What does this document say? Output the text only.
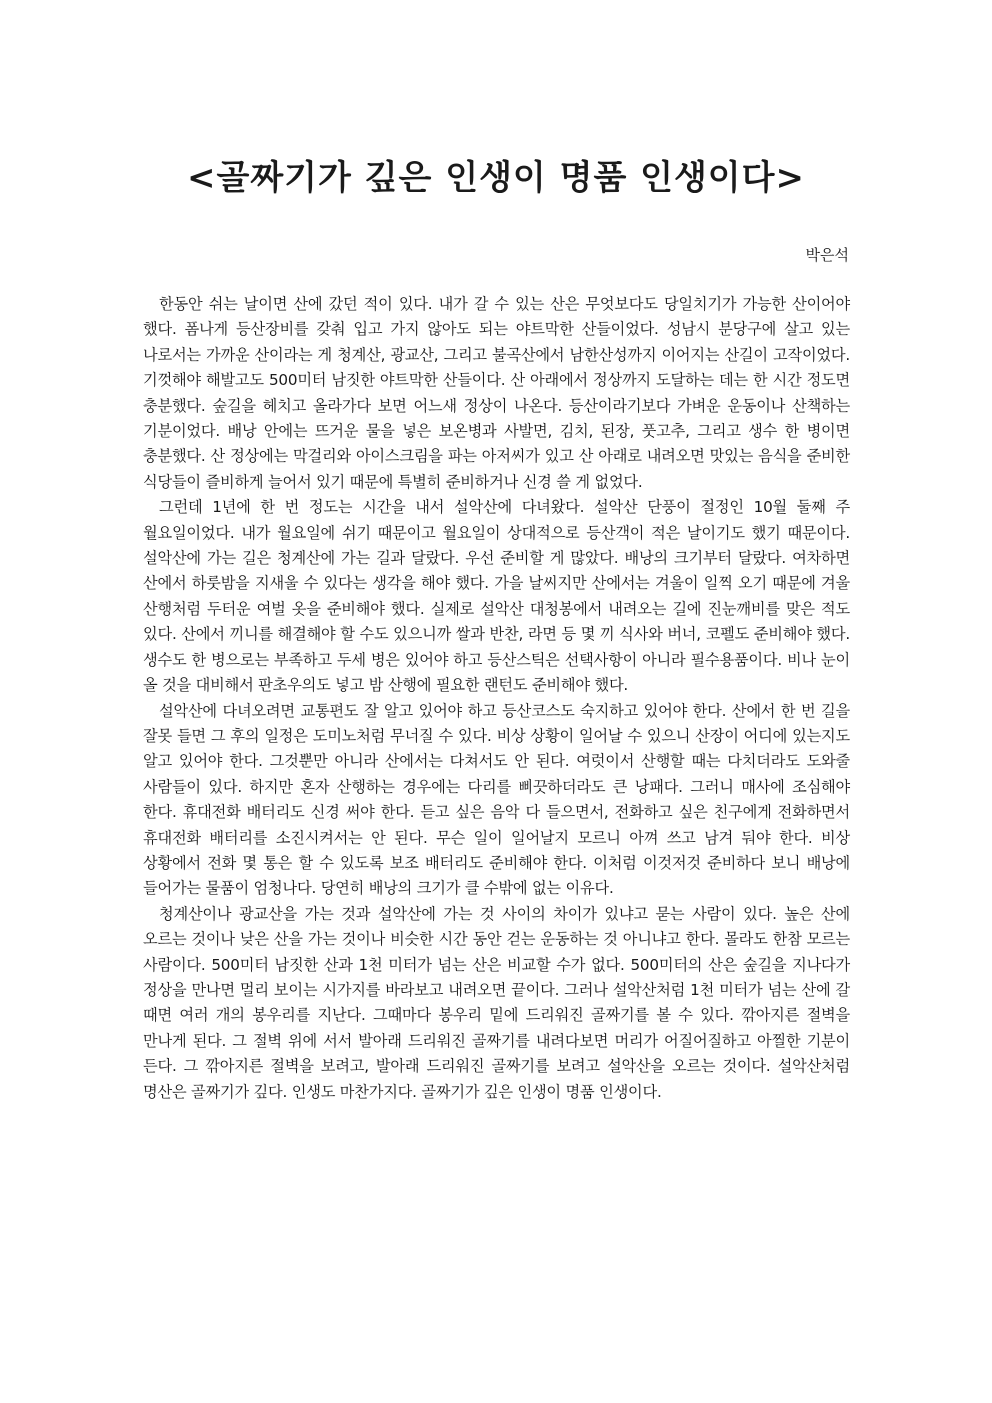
<골짜기가 깊은 인생이 명품 인생이다>

박은석

한동안 쉬는 날이면 산에 갔던 적이 있다. 내가 갈 수 있는 산은 무엇보다도 당일치기가 가능한 산이어야 했다. 폼나게 등산장비를 갖춰 입고 가지 않아도 되는 야트막한 산들이었다. 성남시 분당구에 살고 있는 나로서는 가까운 산이라는 게 청계산, 광교산, 그리고 불곡산에서 남한산성까지 이어지는 산길이 고작이었다. 기껏해야 해발고도 500미터 남짓한 야트막한 산들이다. 산 아래에서 정상까지 도달하는 데는 한 시간 정도면 충분했다. 숲길을 헤치고 올라가다 보면 어느새 정상이 나온다. 등산이라기보다 가벼운 운동이나 산책하는 기분이었다. 배낭 안에는 뜨거운 물을 넣은 보온병과 사발면, 김치, 된장, 풋고추, 그리고 생수 한 병이면 충분했다. 산 정상에는 막걸리와 아이스크림을 파는 아저씨가 있고 산 아래로 내려오면 맛있는 음식을 준비한 식당들이 즐비하게 늘어서 있기 때문에 특별히 준비하거나 신경 쓸 게 없었다.

그런데 1년에 한 번 정도는 시간을 내서 설악산에 다녀왔다. 설악산 단풍이 절정인 10월 둘째 주 월요일이었다. 내가 월요일에 쉬기 때문이고 월요일이 상대적으로 등산객이 적은 날이기도 했기 때문이다. 설악산에 가는 길은 청계산에 가는 길과 달랐다. 우선 준비할 게 많았다. 배낭의 크기부터 달랐다. 여차하면 산에서 하룻밤을 지새울 수 있다는 생각을 해야 했다. 가을 날씨지만 산에서는 겨울이 일찍 오기 때문에 겨울 산행처럼 두터운 여벌 옷을 준비해야 했다. 실제로 설악산 대청봉에서 내려오는 길에 진눈깨비를 맞은 적도 있다. 산에서 끼니를 해결해야 할 수도 있으니까 쌀과 반찬, 라면 등 몇 끼 식사와 버너, 코펠도 준비해야 했다. 생수도 한 병으로는 부족하고 두세 병은 있어야 하고 등산스틱은 선택사항이 아니라 필수용품이다. 비나 눈이 올 것을 대비해서 판초우의도 넣고 밤 산행에 필요한 랜턴도 준비해야 했다.

설악산에 다녀오려면 교통편도 잘 알고 있어야 하고 등산코스도 숙지하고 있어야 한다. 산에서 한 번 길을 잘못 들면 그 후의 일정은 도미노처럼 무너질 수 있다. 비상 상황이 일어날 수 있으니 산장이 어디에 있는지도 알고 있어야 한다. 그것뿐만 아니라 산에서는 다쳐서도 안 된다. 여럿이서 산행할 때는 다치더라도 도와줄 사람들이 있다. 하지만 혼자 산행하는 경우에는 다리를 삐끗하더라도 큰 낭패다. 그러니 매사에 조심해야 한다. 휴대전화 배터리도 신경 써야 한다. 듣고 싶은 음악 다 들으면서, 전화하고 싶은 친구에게 전화하면서 휴대전화 배터리를 소진시켜서는 안 된다. 무슨 일이 일어날지 모르니 아껴 쓰고 남겨 둬야 한다. 비상 상황에서 전화 몇 통은 할 수 있도록 보조 배터리도 준비해야 한다. 이처럼 이것저것 준비하다 보니 배낭에 들어가는 물품이 엄청나다. 당연히 배낭의 크기가 클 수밖에 없는 이유다.

청계산이나 광교산을 가는 것과 설악산에 가는 것 사이의 차이가 있냐고 묻는 사람이 있다. 높은 산에 오르는 것이나 낮은 산을 가는 것이나 비슷한 시간 동안 걷는 운동하는 것 아니냐고 한다. 몰라도 한참 모르는 사람이다. 500미터 남짓한 산과 1천 미터가 넘는 산은 비교할 수가 없다. 500미터의 산은 숲길을 지나다가 정상을 만나면 멀리 보이는 시가지를 바라보고 내려오면 끝이다. 그러나 설악산처럼 1천 미터가 넘는 산에 갈 때면 여러 개의 봉우리를 지난다. 그때마다 봉우리 밑에 드리워진 골짜기를 볼 수 있다. 깎아지른 절벽을 만나게 된다. 그 절벽 위에 서서 발아래 드리워진 골짜기를 내려다보면 머리가 어질어질하고 아찔한 기분이 든다. 그 깎아지른 절벽을 보려고, 발아래 드리워진 골짜기를 보려고 설악산을 오르는 것이다. 설악산처럼 명산은 골짜기가 깊다. 인생도 마찬가지다. 골짜기가 깊은 인생이 명품 인생이다.
